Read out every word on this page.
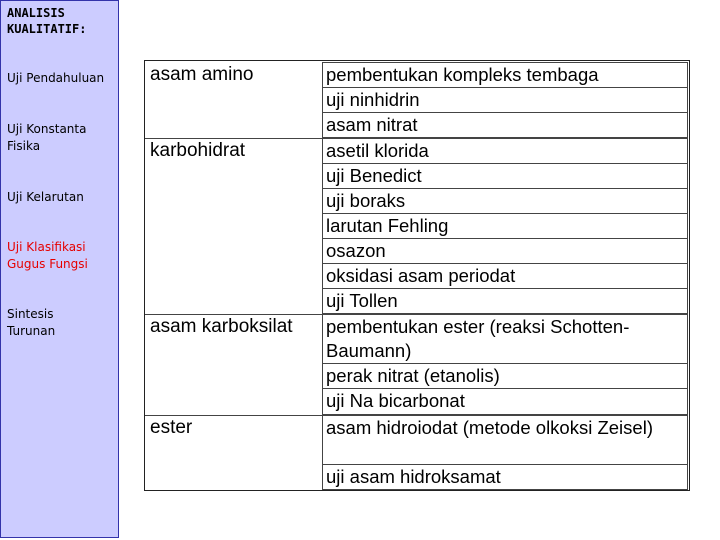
ANALISIS
KUALITATIF:
Uji Pendahuluan
Uji Konstanta Fisika
Uji Kelarutan
Uji Klasifikasi Gugus Fungsi
Sintesis Turunan
asam amino
karbohidrat
asam karboksilat
ester
pembentukan kompleks tembaga
uji ninhidrin
asam nitrat
asetil klorida
uji Benedict
uji boraks
larutan Fehling
osazon
oksidasi asam periodat
uji Tollen
pembentukan ester (reaksi Schotten-Baumann)
perak nitrat (etanolis)
uji Na bicarbonat
asam hidroiodat (metode olkoksi Zeisel)
uji asam hidroksamat
